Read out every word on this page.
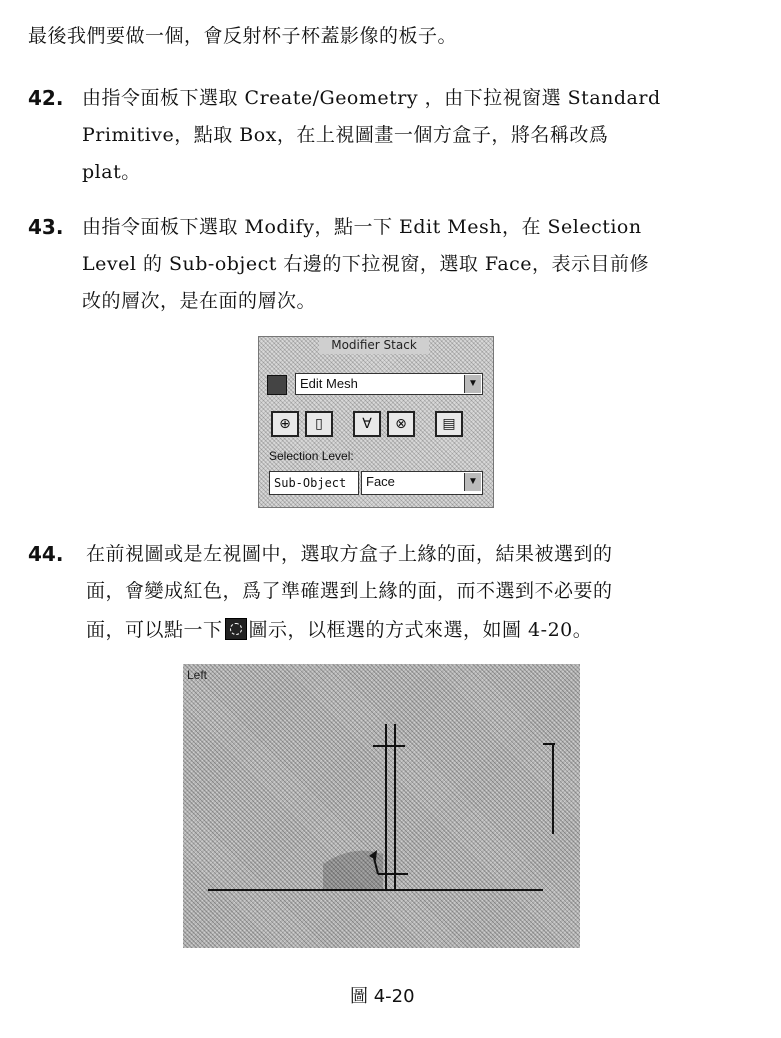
最後我們要做一個，會反射杯子杯蓋影像的板子。
42. 由指令面板下選取 Create/Geometry ，由下拉視窗選 Standard
Primitive，點取 Box，在上視圖畫一個方盒子，將名稱改爲
plat。
43. 由指令面板下選取 Modify，點一下 Edit Mesh，在 Selection
Level 的 Sub-object 右邊的下拉視窗，選取 Face，表示目前修
改的層次，是在面的層次。
Modifier Stack
Edit Mesh	▼
⊕	▯	∀	⊗	▤
Selection Level:
Sub-Object	Face	▼
44. 在前視圖或是左視圖中，選取方盒子上緣的面，結果被選到的
面，會變成紅色，爲了準確選到上緣的面，而不選到不必要的
面，可以點一下 圖示，以框選的方式來選，如圖 4-20。
Left
圖 4-20
